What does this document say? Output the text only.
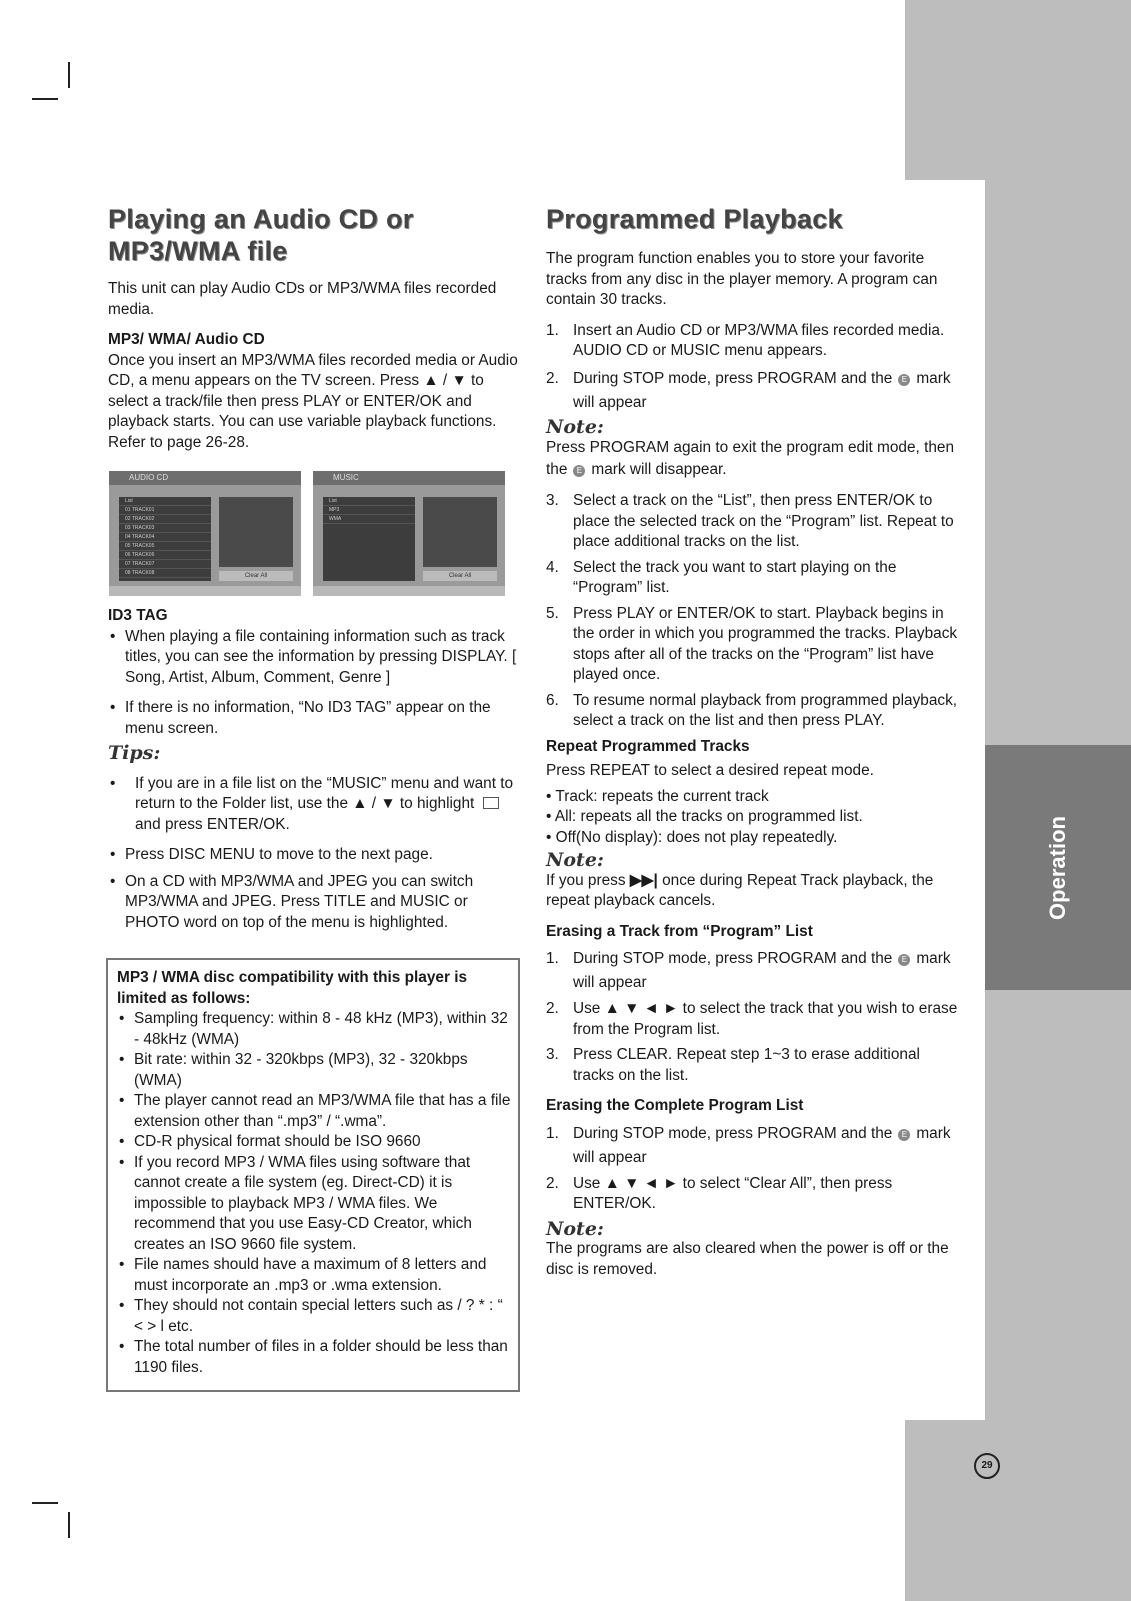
Operation
29
Playing an Audio CD or
MP3/WMA file

This unit can play Audio CDs or MP3/WMA files recorded media.

MP3/ WMA/ Audio CD

Once you insert an MP3/WMA files recorded media or Audio CD, a menu appears on the TV screen. Press ▲ / ▼ to select a track/file then press PLAY or ENTER/OK and playback starts. You can use variable playback functions. Refer to page 26-28.

AUDIO CD
List
01 TRACK01
02 TRACK02
03 TRACK03
04 TRACK04
05 TRACK05
06 TRACK06
07 TRACK07
08 TRACK08	Clear All
MUSIC
List
MP3
WMA
Clear All

ID3 TAG

• When playing a file containing information such as track titles, you can see the information by pressing DISPLAY. [ Song, Artist, Album, Comment, Genre ]

• If there is no information, “No ID3 TAG” appear on the menu screen.

Tips:

• If you are in a file list on the “MUSIC” menu and want to return to the Folder list, use the ▲ / ▼ to highlight  and press ENTER/OK.

• Press DISC MENU to move to the next page.

• On a CD with MP3/WMA and JPEG you can switch MP3/WMA and JPEG. Press TITLE and MUSIC or PHOTO word on top of the menu is highlighted.

MP3 / WMA disc compatibility with this player is limited as follows:

• Sampling frequency: within 8 - 48 kHz (MP3), within 32 - 48kHz (WMA)

• Bit rate: within 32 - 320kbps (MP3), 32 - 320kbps (WMA)

• The player cannot read an MP3/WMA file that has a file extension other than “.mp3” / “.wma”.

• CD-R physical format should be ISO 9660

• If you record MP3 / WMA files using software that cannot create a file system (eg. Direct-CD) it is impossible to playback MP3 / WMA files. We recommend that you use Easy-CD Creator, which creates an ISO 9660 file system.

• File names should have a maximum of 8 letters and must incorporate an .mp3 or .wma extension.

• They should not contain special letters such as / ? * : “ < > l etc.

• The total number of files in a folder should be less than 1190 files.

Programmed Playback

The program function enables you to store your favorite tracks from any disc in the player memory. A program can contain 30 tracks.

1. Insert an Audio CD or MP3/WMA files recorded media. AUDIO CD or MUSIC menu appears.

2. During STOP mode, press PROGRAM and the E mark will appear

Note:

Press PROGRAM again to exit the program edit mode, then the E mark will disappear.

3. Select a track on the “List”, then press ENTER/OK to place the selected track on the “Program” list. Repeat to place additional tracks on the list.

4. Select the track you want to start playing on the “Program” list.

5. Press PLAY or ENTER/OK to start. Playback begins in the order in which you programmed the tracks. Playback stops after all of the tracks on the “Program” list have played once.

6. To resume normal playback from programmed playback, select a track on the list and then press PLAY.

Repeat Programmed Tracks

Press REPEAT to select a desired repeat mode.

• Track: repeats the current track

• All: repeats all the tracks on programmed list.

• Off(No display): does not play repeatedly.

Note:

If you press ▶▶| once during Repeat Track playback, the repeat playback cancels.

Erasing a Track from “Program” List

1. During STOP mode, press PROGRAM and the E mark will appear

2. Use ▲ ▼ ◄ ► to select the track that you wish to erase from the Program list.

3. Press CLEAR. Repeat step 1~3 to erase additional tracks on the list.

Erasing the Complete Program List

1. During STOP mode, press PROGRAM and the E mark will appear

2. Use ▲ ▼ ◄ ► to select “Clear All”, then press ENTER/OK.

Note:

The programs are also cleared when the power is off or the disc is removed.
